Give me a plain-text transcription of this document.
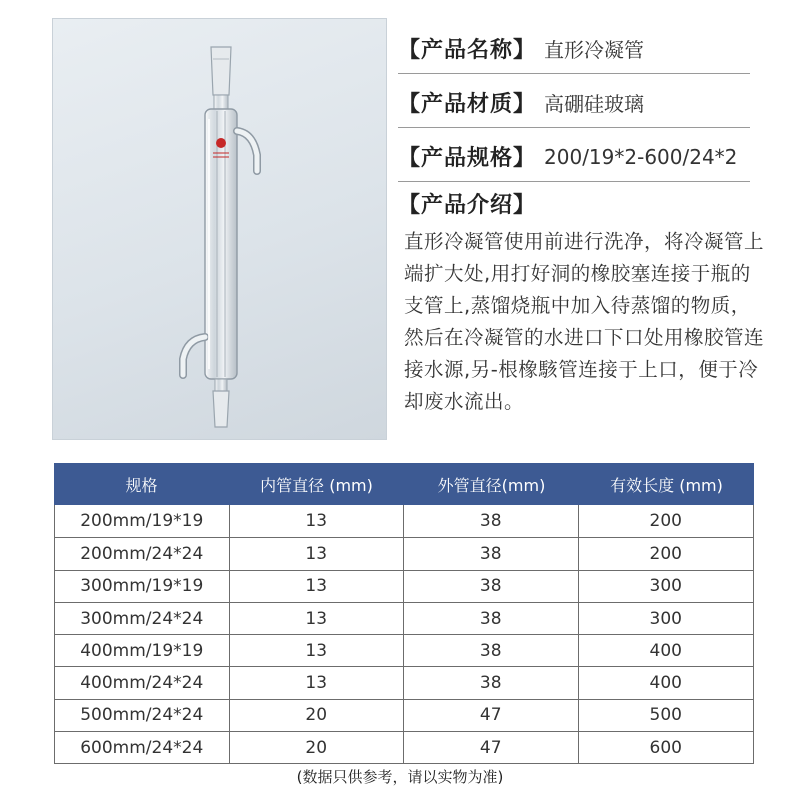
【产品名称】 直形冷凝管
【产品材质】 高硼硅玻璃
【产品规格】 200/19*2-600/24*2
【产品介绍】
直形冷凝管使用前进行洗净，将冷凝管上端扩大处,用打好洞的橡胶塞连接于瓶的支管上,蒸馏烧瓶中加入待蒸馏的物质，然后在冷凝管的水进口下口处用橡胶管连接水源,另-根橡駭管连接于上口，便于冷却废水流出。
规格	内管直径 (mm)	外管直径(mm)	有效长度 (mm)
200mm/19*19	13	38	200
200mm/24*24	13	38	200
300mm/19*19	13	38	300
300mm/24*24	13	38	300
400mm/19*19	13	38	400
400mm/24*24	13	38	400
500mm/24*24	20	47	500
600mm/24*24	20	47	600
(数据只供参考，请以实物为准)
